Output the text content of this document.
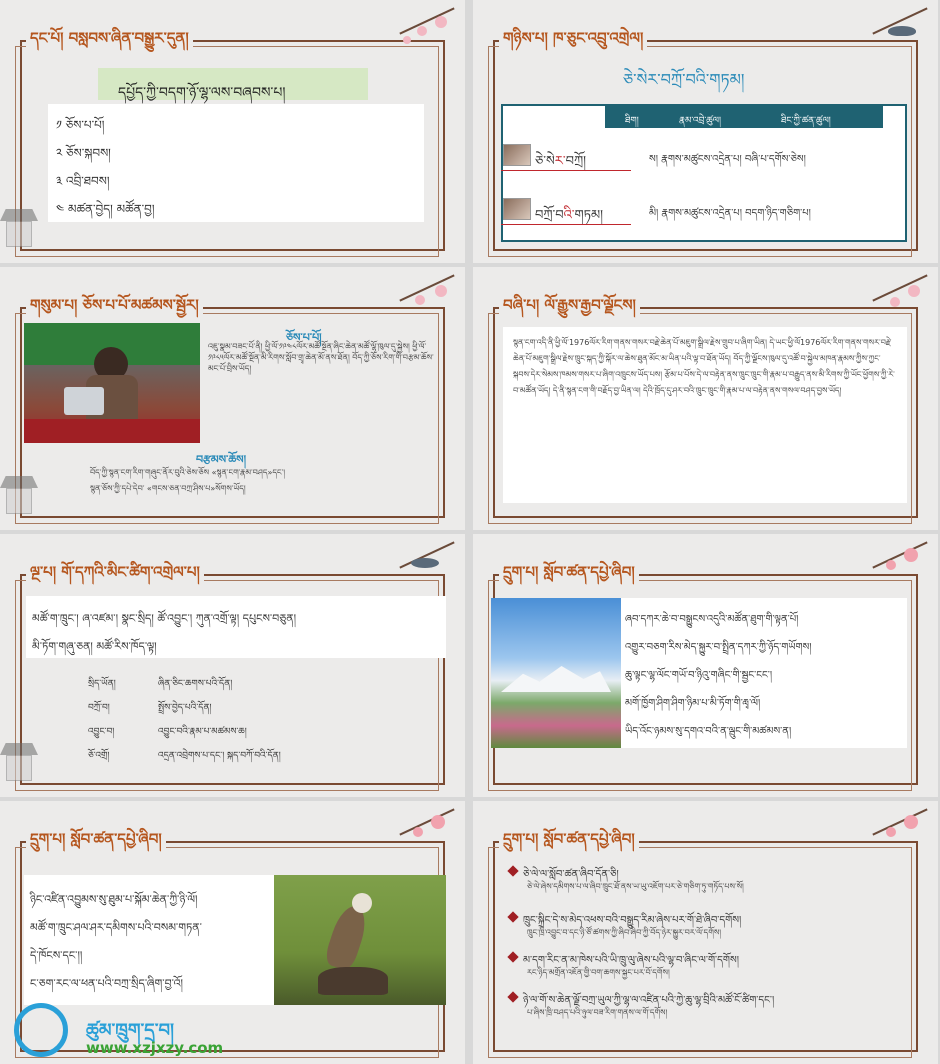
དང་པོ། བསླབས་ཞིན་བསྒྱུར་དུན།
དཔྱོད་ཀྱི་བདག་ཉོ་ལྷ་ལས་བཞབས་པ།
༡ ཅོས་པ་པོ།
༢ ཅོས་སྐབས།
༣ འབྲི་ཐབས།
༤ མཚན་བྱེད། མཚོན་བྱ།
གཉིས་པ། ཁ་ཅུང་འབྲུ་འགྲེལ།
ཅེ་སེར་བཀྲོ་བའི་གཏམ།
ཐིག།	རྣམ་འབྲེ་ཚུལ།	ཐིང་ཀྱི་ཚན་ཚུལ།
ཅེ་སེར་བཀྲོ།	ས། རྣགས་མཚུངས་འདྲེན་པ། བཞི་པ་དགོས་ཅེས།
བཀྲོ་བའི་གཏམ།	མི། རྣགས་མཚུངས་འདྲེན་པ། བདག་ཉིད་གཅིག་པ།
གསུམ་པ། ཅོས་པ་པོ་མཚམས་སྦྱོར།
ཅོས་པ་པོ།
འཇུ་སྣམ་བཟང་པོ་ནི། ཕྱི་ལོ་༡༩༤༨ལོར་མཚོ་སྔོན་ཞིང་ཆེན་མཚོ་ལྷོ་ཁུལ་དུ་སྐྱེས། ཕྱི་ལོ་༡༩༨༥ལོར་མཚོ་སྔོན་མི་རིགས་སློབ་གྲྭ་ཆེན་མོ་ནས་ཐོན། བོད་ཀྱི་ཅོས་རིག་གི་བརྩམ་ཆོས་མང་པོ་བྲིས་ཡོད།
བརྩམས་ཆོས།
བོད་ཀྱི་སྙན་ངག་རིག་གཞུང་ནོར་བུའི་ཅེས་ཅོས «སྙན་ངག་རྣམ་བཤད»དང་།
སྙན་ཅོས་ཀྱི་དཔེ་དེབ་ «གངས་ཅན་བཀྲ་ཤིས་པ»སོགས་ཡོད།
བཞི་པ། ལོ་རྒྱུས་རྒྱབ་ལྗོངས།
སྙན་ངག་འདི་ནི་ཕྱི་ལོ་1976ལོར་རིག་གནས་གསར་བརྗེ་ཆེན་པོ་མཇུག་སྒྲིལ་རྗེས་གྲུབ་པ་ཞིག་ཡིན། དེ་ཡང་ཕྱི་ལོ1976ལོར་རིག་གནས་གསར་བརྗེ་ཆེན་པོ་མཇུག་སྒྲིལ་རྗེས་ཁྲུང་སྐད་ཀྱི་སྐོར་ལ་ཆེས་ཐུན་མོང་མ་ཡིན་པའི་ལྟ་བ་ཐོན་ཡོད། བོད་ཀྱི་ལྗོངས་ཁུལ་དུ་འཚོ་བ་སྐྱེལ་མཁན་རྣམས་ཀྱིས་ཀྱང་སྐབས་དེར་སེམས་ཁམས་གསར་པ་ཞིག་འཁྲུངས་ཡོད་པས། རྩོམ་པ་པོས་དེ་ལ་བརྟེན་ནས་ཁྲུང་ཁྲུང་གི་རྣམ་པ་བརྒྱུད་ནས་མི་རིགས་ཀྱི་ཡོང་ཕྱོགས་ཀྱི་རེ་བ་མཚོན་ཡོད། དེ་ནི་སྙན་ངག་གི་བརྗོད་བྱ་ཡིན་ལ། དེའི་ཁྲོད་དུ་ཤར་བའི་ཁྲུང་ཁྲུང་གི་རྣམ་པ་ལ་བརྟེན་ནས་གསལ་བཤད་བྱས་ཡོད།
ལྔ་པ། གོ་དཀའི་མིང་ཚིག་འགྲེལ་པ།
མཚོ་ག་ཁྲུང་། ཞ་འཛམ་། སྣང་སྲིད། ཚོ་འབྱུང་། ཀུན་འགྲོ་ལྟ། དཔུངས་བཅུན།
མི་ཏོག་གཞུ་ཅན། མཚོ་རིས་ཁོད་ལྟ།
སྲིད་ཡོན།	ཞིན་ཅིང་ཆགས་པའི་དོན།
བཀྲོ་བ།	སྤྲོས་བྱེད་པའི་དོན།
འབྱུང་བ།	འབྱུང་བའི་རྣམ་པ་མཚམས་ཆ།
ཅོ་འགྲོ།	འདྲན་འབྲེགས་པ་དང་། སྐད་བཀོ་བའི་དོན།
དྲུག་པ། སློབ་ཚན་དཔྱེ་ཞིབ།
ཞབ་དཀར་ཆེ་བ་བསྒྱུངས་འདུའི་མཚོན་ཐུག་གི་ལྟན་པོ།
འགྱུར་བཅག་རིས་མེད་སྐྱུར་བ་སྤྲིན་དཀར་ཀྱི་ཉོད་གཡོགས།
ཆུ་ལྟང་ལྷ་ལོང་གཡོ་བ་ཉིའུ་གཞིང་གི་སྦྱང་ངང་།
མགོ་ཁྱོག་ཤིག་ཤིག་ཉིམ་པ་མི་ཏོག་གི་རླྭ་ལོ།
ཡིད་འོང་ཉམས་སུ་དགའ་བའི་ན་ལྦུང་གི་མཚམས་ན།
དྲུག་པ། སློབ་ཚན་དཔྱེ་ཞིབ།
ཉིང་འཛིན་འབྱུམས་སུ་ཐུམ་པ་སྐོམ་ཆེན་ཀྱི་ཉི་ལོ།
མཚོ་ག་ཁྲུང་ཤལ་ཤར་དམིགས་པའི་བསམ་གཏན་
དེ་ཁོངས་དང་།།
ང་ཅག་རང་ལ་ཕན་པའི་བཀྲ་སྲིད་ཞིག་བྱ་འོ།
ཚུམ་ཁྲུག་དྲ་བ།
www.xzjxzy.com
དྲུག་པ། སློབ་ཚན་དཔྱེ་ཞིབ།
ཅེ་ལེ་ལ་སློབ་ཚན་ཞིབ་དོན་ཅི།
ཅེ་ལེ་ཞེས་དམིགས་པ་ལ་ཞིབ་ཁྲུང་ཐོ་ནས་ཡ་ཡུ་འཇོག་པར་ཅེ་གཅིག་ཏུ་གཏོད་པས་སོ།
ཁྲུང་སྐྲིང་དེ་ས་མེད་འཕས་བའི་བསྒྱུད་རིམ་ཞེས་པར་གོ་ཐེ་ཞིབ་དགོས།
ཁྲུང་ཁྲི་འབྱུང་བ་དང་ཉི་ཙོ་ཚགས་ཀྱི་ཞིབ་ཞིབ་ཀྱི་བོད་ཉེར་སྐྱུར་བར་ལོ་དགོས།
མ་དག་རིང་ན་མ་ཁེས་པའི་ཡི་ཁྲུ་ལུ་ཞེས་པའི་ལྷ་བ་ཞིང་ལ་གོ་དགོས།
རང་ཉིད་མགྲོན་འཇོན་གྱི་བག་ཆགས་སྐྱང་པར་བོ་དགོས།
ཉེ་ལ་གོ་ས་ཆེན་ལྗོ་བཀྲ་ཡུལ་ཀྱི་ལྷ་ལ་འཛིན་པའི་ཀྱེ་ཆུ་ལྷ་བྲིའི་མཚོ་ངོ་ཚིག་དང་།
པ་ཞིས་ཁྲི་བཤད་པའི་ཉུལ་བཟ་རིག་གནས་ལ་གོ་དགོས།
